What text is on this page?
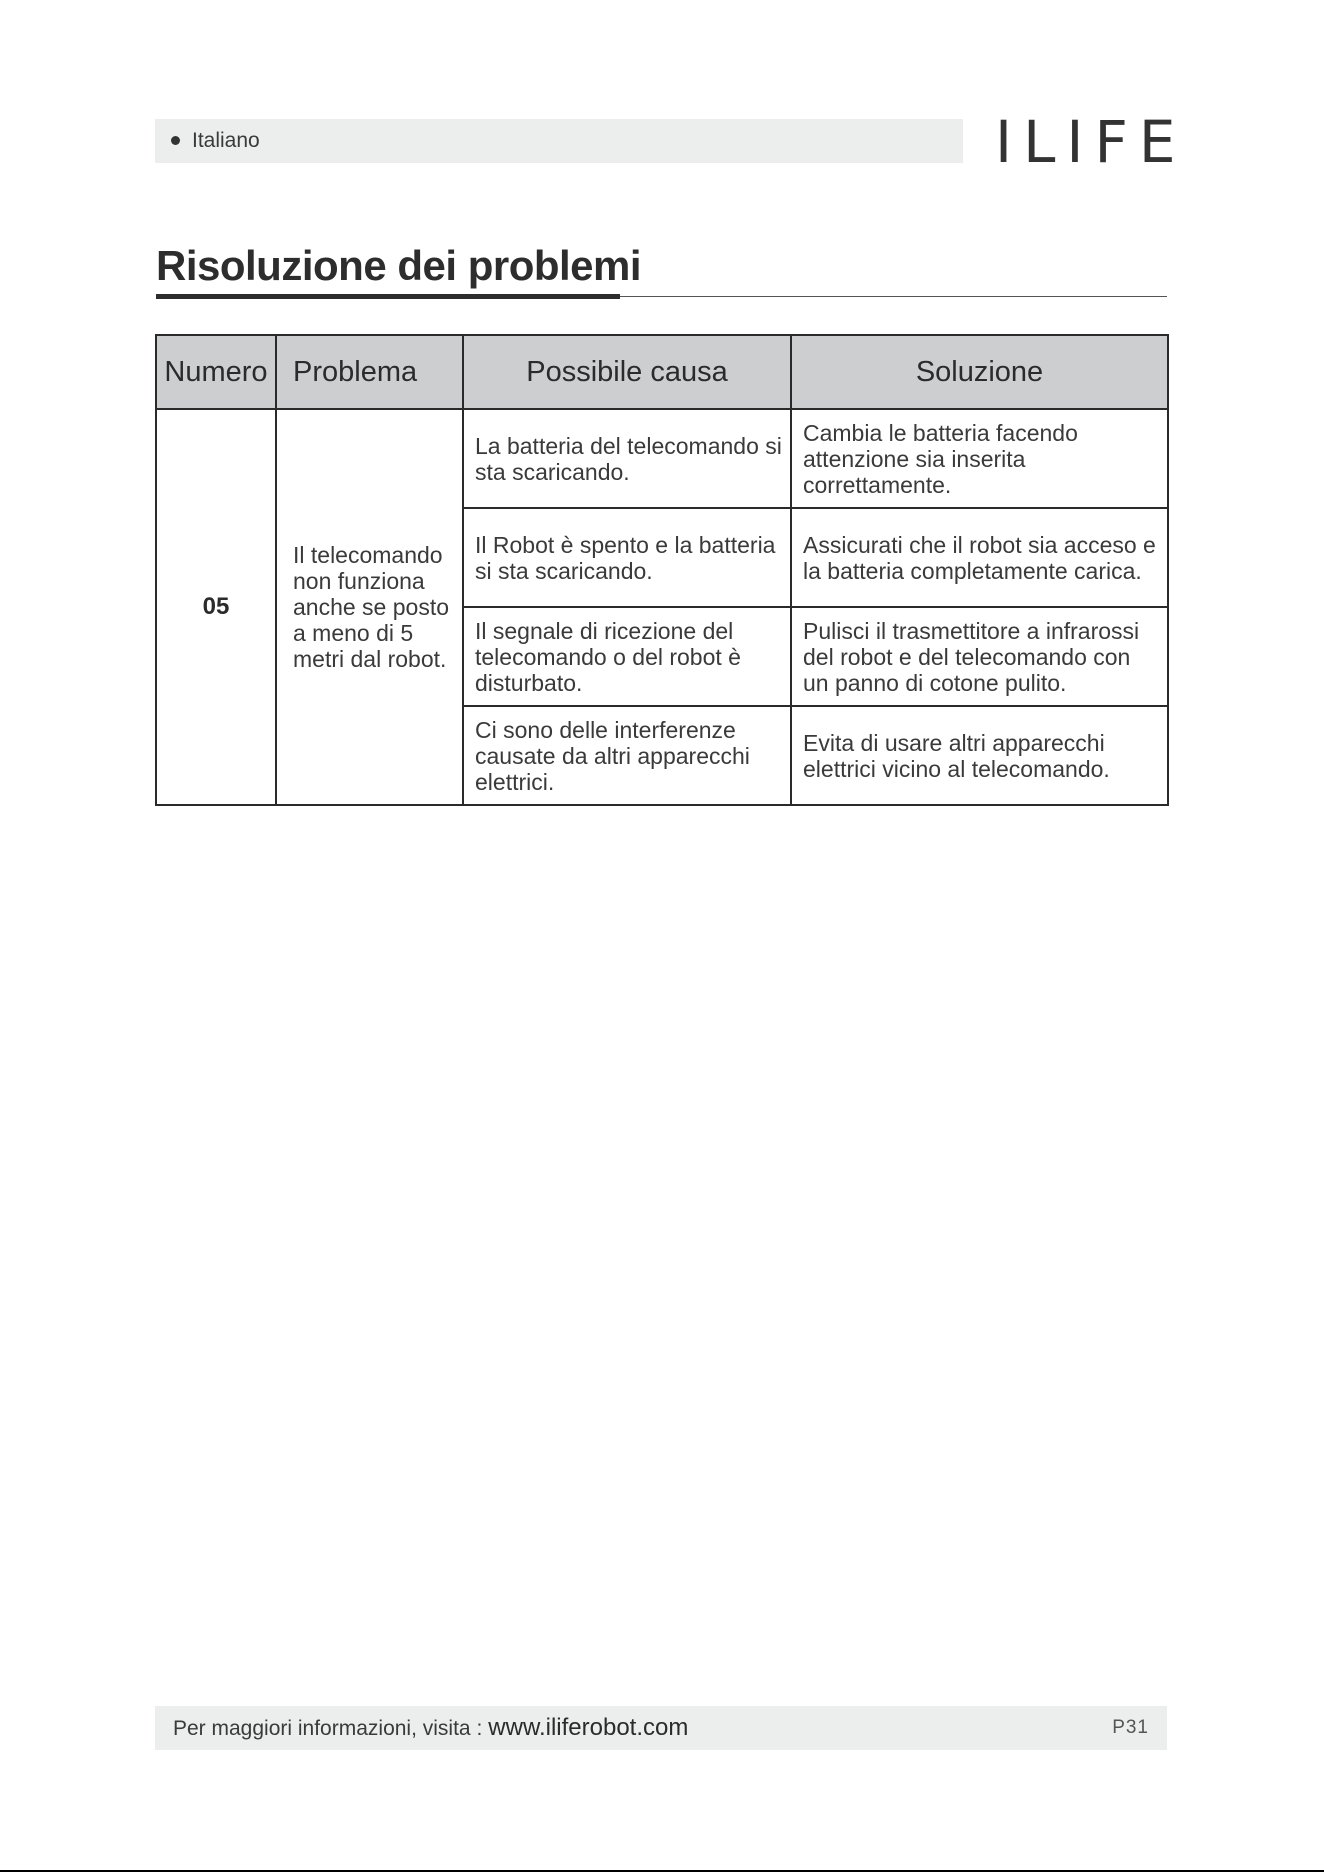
Italiano	ILIFE
Risoluzione dei problemi
Numero	Problema	Possibile causa	Soluzione
05	Il telecomando non funziona anche se posto a meno di 5 metri dal robot.	La batteria del telecomando si sta scaricando.	Cambia le batteria facendo attenzione sia inserita correttamente.
		Il Robot è spento e la batteria si sta scaricando.	Assicurati che il robot sia acceso e la batteria completamente carica.
		Il segnale di ricezione del telecomando o del robot è disturbato.	Pulisci il trasmettitore a infrarossi del robot e del telecomando con un panno di cotone pulito.
		Ci sono delle interferenze causate da altri apparecchi elettrici.	Evita di usare altri apparecchi elettrici vicino al telecomando.
Per maggiori informazioni, visita : www.iliferobot.com	P31
